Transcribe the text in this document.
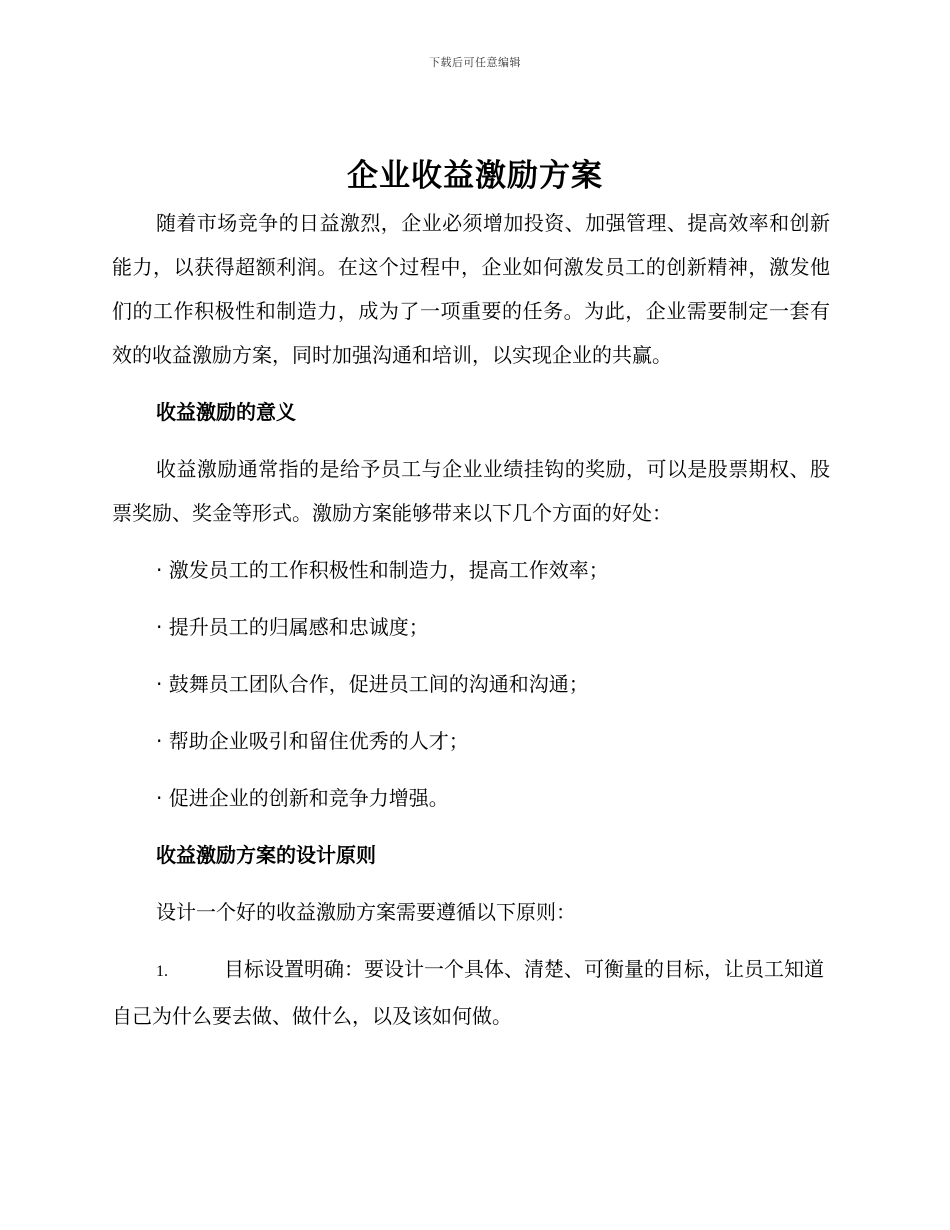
下载后可任意编辑
企业收益激励方案

随着市场竞争的日益激烈，企业必须增加投资、加强管理、提高效率和创新能力，以获得超额利润。在这个过程中，企业如何激发员工的创新精神，激发他们的工作积极性和制造力，成为了一项重要的任务。为此，企业需要制定一套有效的收益激励方案，同时加强沟通和培训，以实现企业的共赢。

收益激励的意义

收益激励通常指的是给予员工与企业业绩挂钩的奖励，可以是股票期权、股票奖励、奖金等形式。激励方案能够带来以下几个方面的好处：

· 激发员工的工作积极性和制造力，提高工作效率；

· 提升员工的归属感和忠诚度；

· 鼓舞员工团队合作，促进员工间的沟通和沟通；

· 帮助企业吸引和留住优秀的人才；

· 促进企业的创新和竞争力增强。

收益激励方案的设计原则

设计一个好的收益激励方案需要遵循以下原则：

1.	目标设置明确：要设计一个具体、清楚、可衡量的目标，让员工知道自己为什么要去做、做什么，以及该如何做。
